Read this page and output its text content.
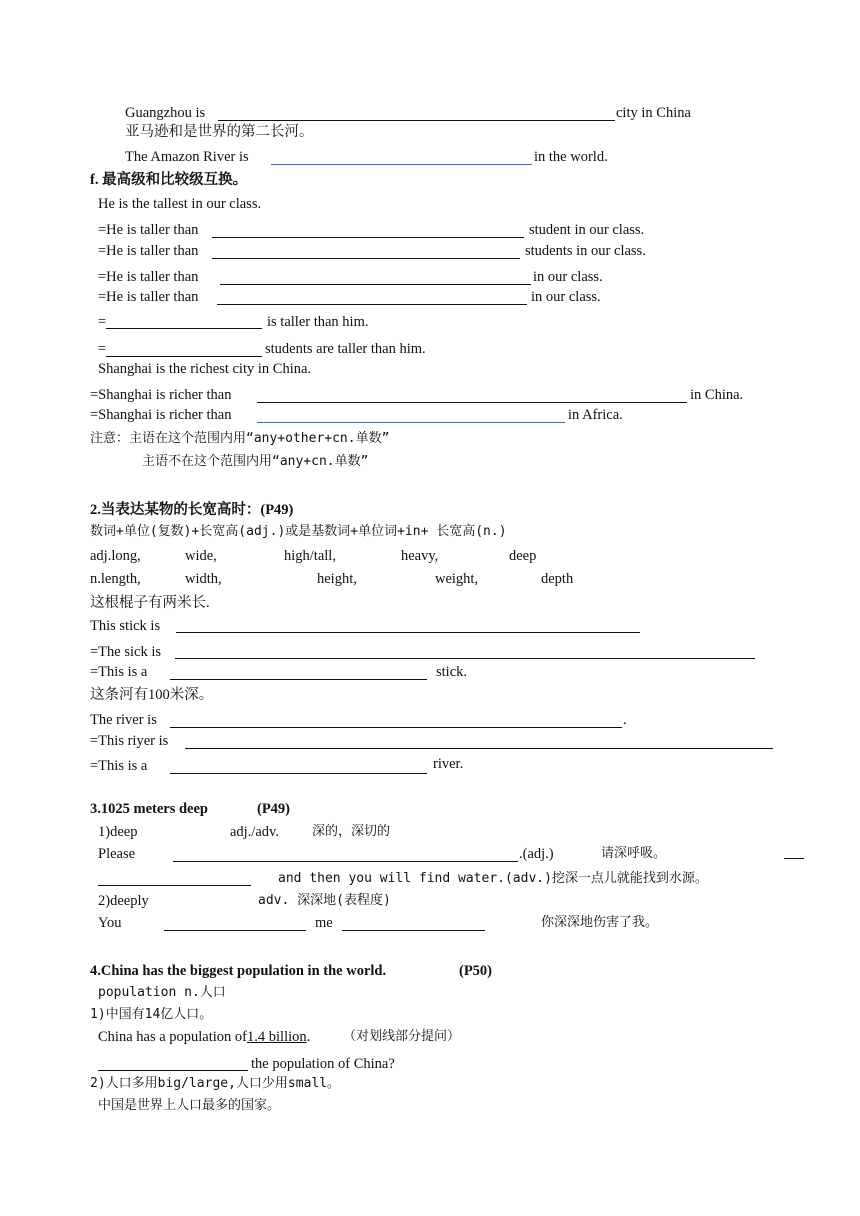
Guangzhou is	city in China
亚马逊和是世界的第二长河。
The Amazon River is	in the world.
f. 最高级和比较级互换。
He is the tallest in our class.
=He is taller than	student in our class.
=He is taller than	students in our class.
=He is taller than	in our class.
=He is taller than	in our class.
=	is taller than him.
=	students are taller than him.
Shanghai is the richest city in China.
=Shanghai is richer than	in China.
=Shanghai is richer than	in Africa.
注意：主语在这个范围内用“any+other+cn.单数”
主语不在这个范围内用“any+cn.单数”
2.当表达某物的长宽高时：(P49)
数词+单位(复数)+长宽高(adj.)或是基数词+单位词+in+ 长宽高(n.)
adj.long,	wide,	high/tall,	heavy,	deep
n.length,	width,	height,	weight,	depth
这根棍子有两米长.
This stick is
=The sick is
=This is a	stick.
这条河有100米深。
The river is	.
=This riyer is
=This is a	river.
3.1025 meters deep	(P49)
1)deep	adj./adv.	深的，深切的
Please	.(adj.)	请深呼吸。
and then you will find water.(adv.)挖深一点儿就能找到水源。
2)deeply	adv. 深深地(表程度)
You	me	你深深地伤害了我。
4.China has the biggest population in the world.	(P50)
population n.人口
1)中国有14亿人口。
China has a population of1.4 billion.	（对划线部分提问）
the population of China?
2)人口多用big/large,人口少用small。
中国是世界上人口最多的国家。
